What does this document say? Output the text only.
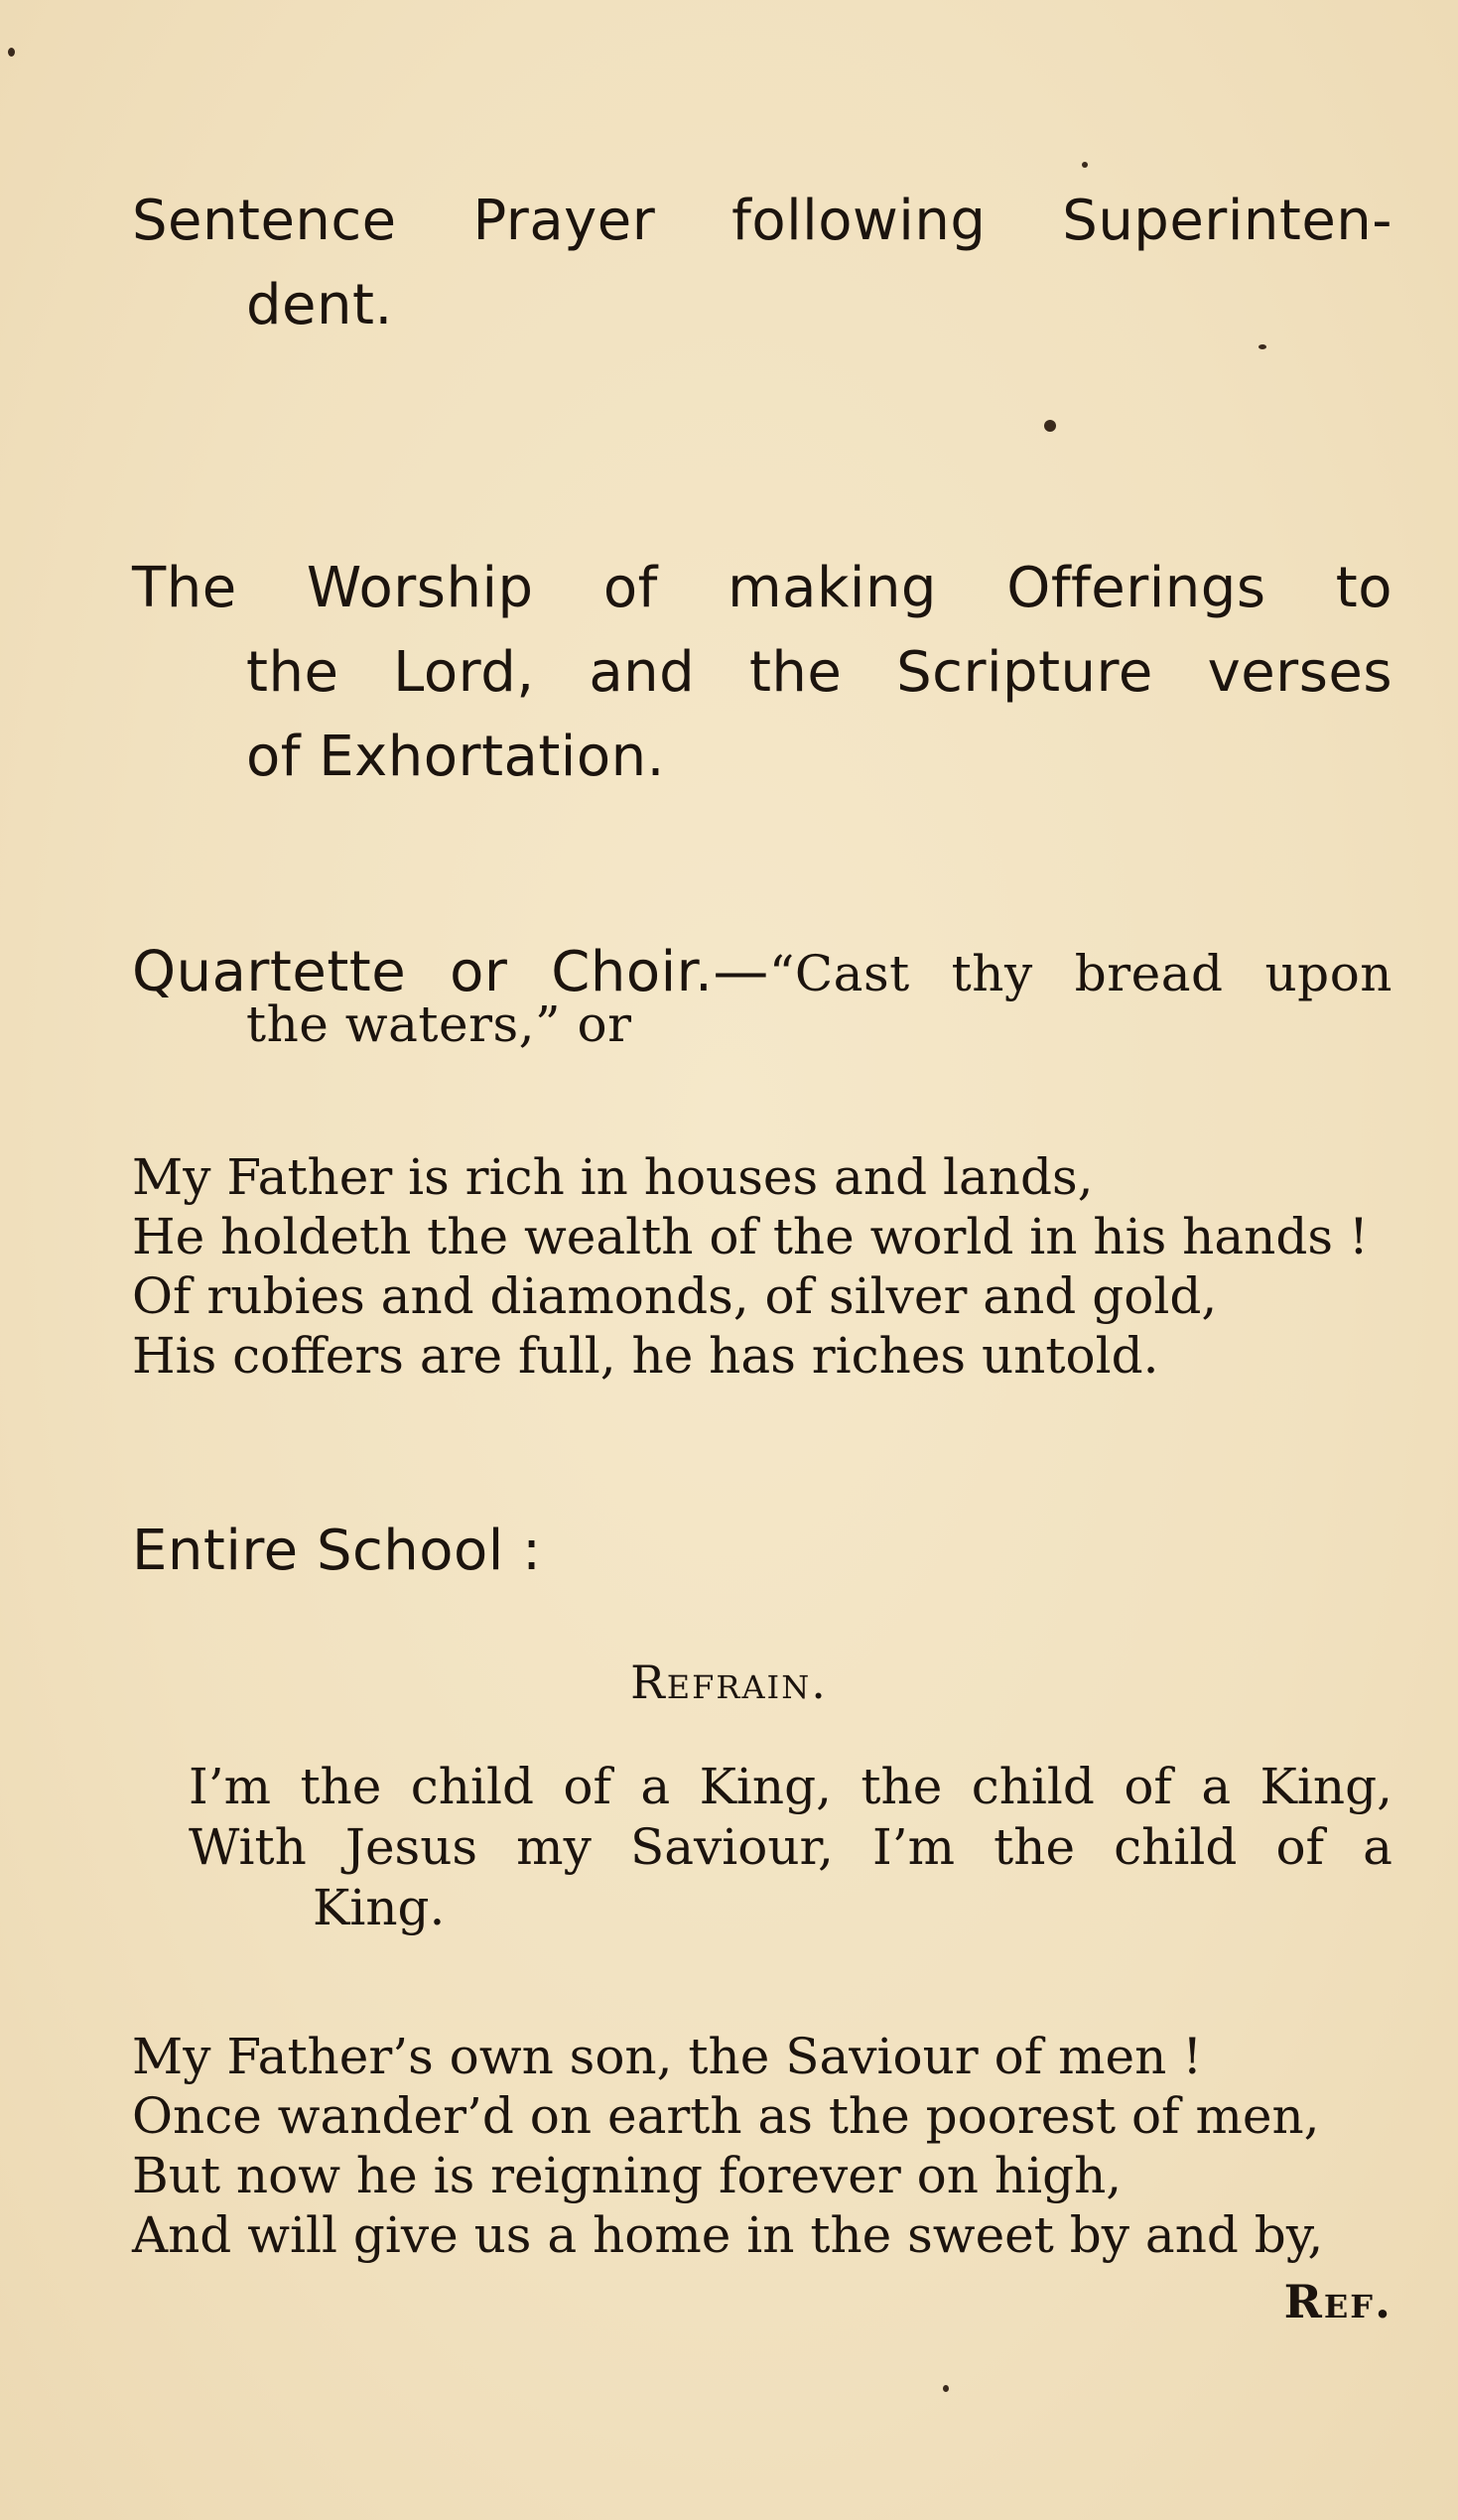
Sentence Prayer following Superinten-
dent.

The Worship of making Offerings to
the Lord, and the Scripture verses
of Exhortation.

Quartette or Choir.—“Cast thy bread upon
the waters,” or

My Father is rich in houses and lands,
He holdeth the wealth of the world in his hands !
Of rubies and diamonds, of silver and gold,
His coffers are full, he has riches untold.

Entire School :

Refrain.

I’m the child of a King, the child of a King,
With Jesus my Saviour, I’m the child of a
King.
My Father’s own son, the Saviour of men !
Once wander’d on earth as the poorest of men,
But now he is reigning forever on high,
And will give us a home in the sweet by and by,
Ref.
